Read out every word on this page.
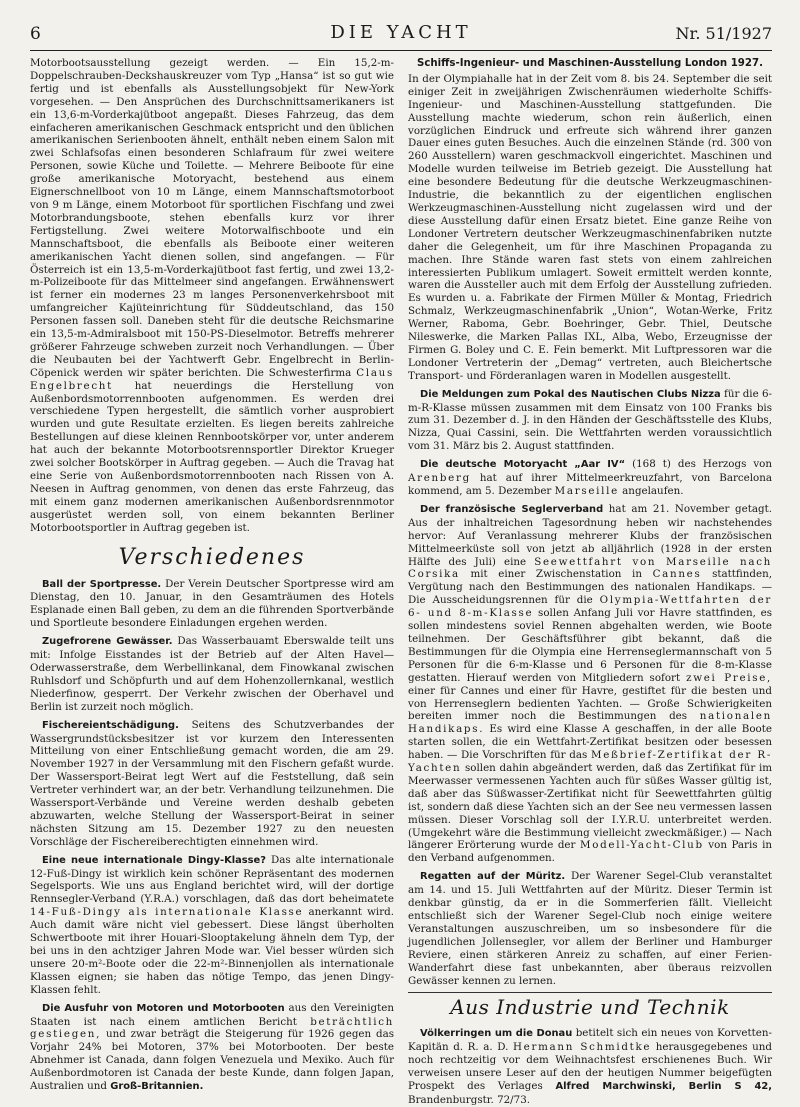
6	DIE YACHT	Nr. 51/1927

Motorbootsausstellung gezeigt werden. — Ein 15,2-m-Doppelschrauben-Deckshauskreuzer vom Typ „Hansa“ ist so gut wie fertig und ist ebenfalls als Ausstellungsobjekt für New-York vorgesehen. — Den Ansprüchen des Durchschnittsamerikaners ist ein 13,6-m-Vorderkajütboot angepaßt. Dieses Fahrzeug, das dem einfacheren amerikanischen Geschmack entspricht und den üblichen amerikanischen Serienbooten ähnelt, enthält neben einem Salon mit zwei Schlafsofas einen besonderen Schlafraum für zwei weitere Personen, sowie Küche und Toilette. — Mehrere Beiboote für eine große amerikanische Motoryacht, bestehend aus einem Eignerschnellboot von 10 m Länge, einem Mannschaftsmotorboot von 9 m Länge, einem Motorboot für sportlichen Fischfang und zwei Motorbrandungsboote, stehen ebenfalls kurz vor ihrer Fertigstellung. Zwei weitere Motorwalfischboote und ein Mannschaftsboot, die ebenfalls als Beiboote einer weiteren amerikanischen Yacht dienen sollen, sind angefangen. — Für Österreich ist ein 13,5-m-Vorderkajütboot fast fertig, und zwei 13,2-m-Polizeiboote für das Mittelmeer sind angefangen. Erwähnenswert ist ferner ein modernes 23 m langes Personenverkehrsboot mit umfangreicher Kajüteinrichtung für Süddeutschland, das 150 Personen fassen soll. Daneben steht für die deutsche Reichsmarine ein 13,5-m-Admiralsboot mit 150-PS-Dieselmotor. Betreffs mehrerer größerer Fahrzeuge schweben zurzeit noch Verhandlungen. — Über die Neubauten bei der Yachtwerft Gebr. Engelbrecht in Berlin-Cöpenick werden wir später berichten. Die Schwesterfirma Claus Engelbrecht hat neuerdings die Herstellung von Außenbordsmotorrennbooten aufgenommen. Es werden drei verschiedene Typen hergestellt, die sämtlich vorher ausprobiert wurden und gute Resultate erzielten. Es liegen bereits zahlreiche Bestellungen auf diese kleinen Rennbootskörper vor, unter anderem hat auch der bekannte Motorbootsrennsportler Direktor Krueger zwei solcher Bootskörper in Auftrag gegeben. — Auch die Travag hat eine Serie von Außenbordsmotorrennbooten nach Rissen von A. Neesen in Auftrag genommen, von denen das erste Fahrzeug, das mit einem ganz modernen amerikanischen Außenbordsrennmotor ausgerüstet werden soll, von einem bekannten Berliner Motorbootsportler in Auftrag gegeben ist.

Verschiedenes

Ball der Sportpresse. Der Verein Deutscher Sportpresse wird am Dienstag, den 10. Januar, in den Gesamträumen des Hotels Esplanade einen Ball geben, zu dem an die führenden Sportverbände und Sportleute besondere Einladungen ergehen werden.

Zugefrorene Gewässer. Das Wasserbauamt Eberswalde teilt uns mit: Infolge Eisstandes ist der Betrieb auf der Alten Havel—Oderwasserstraße, dem Werbellinkanal, dem Finowkanal zwischen Ruhlsdorf und Schöpfurth und auf dem Hohenzollernkanal, westlich Niederfinow, gesperrt. Der Verkehr zwischen der Oberhavel und Berlin ist zurzeit noch möglich.

Fischereientschädigung. Seitens des Schutzverbandes der Wassergrundstücksbesitzer ist vor kurzem den Interessenten Mitteilung von einer Entschließung gemacht worden, die am 29. November 1927 in der Versammlung mit den Fischern gefaßt wurde. Der Wassersport-Beirat legt Wert auf die Feststellung, daß sein Vertreter verhindert war, an der betr. Verhandlung teilzunehmen. Die Wassersport-Verbände und Vereine werden deshalb gebeten abzuwarten, welche Stellung der Wassersport-Beirat in seiner nächsten Sitzung am 15. Dezember 1927 zu den neuesten Vorschläge der Fischereiberechtigten einnehmen wird.

Eine neue internationale Dingy-Klasse? Das alte internationale 12-Fuß-Dingy ist wirklich kein schöner Repräsentant des modernen Segelsports. Wie uns aus England berichtet wird, will der dortige Rennsegler-Verband (Y.R.A.) vorschlagen, daß das dort beheimatete 14-Fuß-Dingy als internationale Klasse anerkannt wird. Auch damit wäre nicht viel gebessert. Diese längst überholten Schwertboote mit ihrer Houari-Slooptakelung ähneln dem Typ, der bei uns in den achtziger Jahren Mode war. Viel besser würden sich unsere 20-m²-Boote oder die 22-m²-Binnenjollen als internationale Klassen eignen; sie haben das nötige Tempo, das jenen Dingy-Klassen fehlt.

Die Ausfuhr von Motoren und Motorbooten aus den Vereinigten Staaten ist nach einem amtlichen Bericht beträchtlich gestiegen, und zwar beträgt die Steigerung für 1926 gegen das Vorjahr 24% bei Motoren, 37% bei Motorbooten. Der beste Abnehmer ist Canada, dann folgen Venezuela und Mexiko. Auch für Außenbordmotoren ist Canada der beste Kunde, dann folgen Japan, Australien und Groß-Britannien.

Schiffs-Ingenieur- und Maschinen-Ausstellung London 1927.

In der Olympiahalle hat in der Zeit vom 8. bis 24. September die seit einiger Zeit in zweijährigen Zwischenräumen wiederholte Schiffs-Ingenieur- und Maschinen-Ausstellung stattgefunden. Die Ausstellung machte wiederum, schon rein äußerlich, einen vorzüglichen Eindruck und erfreute sich während ihrer ganzen Dauer eines guten Besuches. Auch die einzelnen Stände (rd. 300 von 260 Ausstellern) waren geschmackvoll eingerichtet. Maschinen und Modelle wurden teilweise im Betrieb gezeigt. Die Ausstellung hat eine besondere Bedeutung für die deutsche Werkzeugmaschinen-Industrie, die bekanntlich zu der eigentlichen englischen Werkzeugmaschinen-Ausstellung nicht zugelassen wird und der diese Ausstellung dafür einen Ersatz bietet. Eine ganze Reihe von Londoner Vertretern deutscher Werkzeugmaschinenfabriken nutzte daher die Gelegenheit, um für ihre Maschinen Propaganda zu machen. Ihre Stände waren fast stets von einem zahlreichen interessierten Publikum umlagert. Soweit ermittelt werden konnte, waren die Aussteller auch mit dem Erfolg der Ausstellung zufrieden. Es wurden u. a. Fabrikate der Firmen Müller & Montag, Friedrich Schmalz, Werkzeugmaschinenfabrik „Union“, Wotan-Werke, Fritz Werner, Raboma, Gebr. Boehringer, Gebr. Thiel, Deutsche Nileswerke, die Marken Pallas IXL, Alba, Webo, Erzeugnisse der Firmen G. Boley und C. E. Fein bemerkt. Mit Luftpressoren war die Londoner Vertreterin der „Demag“ vertreten, auch Bleichertsche Transport- und Förderanlagen waren in Modellen ausgestellt.

Die Meldungen zum Pokal des Nautischen Clubs Nizza für die 6-m-R-Klasse müssen zusammen mit dem Einsatz von 100 Franks bis zum 31. Dezember d. J. in den Händen der Geschäftsstelle des Klubs, Nizza, Quai Cassini, sein. Die Wettfahrten werden voraussichtlich vom 31. März bis 2. August stattfinden.

Die deutsche Motoryacht „Aar IV“ (168 t) des Herzogs von Arenberg hat auf ihrer Mittelmeerkreuzfahrt, von Barcelona kommend, am 5. Dezember Marseille angelaufen.

Der französische Seglerverband hat am 21. November getagt. Aus der inhaltreichen Tagesordnung heben wir nachstehendes hervor: Auf Veranlassung mehrerer Klubs der französischen Mittelmeerküste soll von jetzt ab alljährlich (1928 in der ersten Hälfte des Juli) eine Seewettfahrt von Marseille nach Corsika mit einer Zwischenstation in Cannes stattfinden, Vergütung nach den Bestimmungen des nationalen Handikaps. — Die Ausscheidungsrennen für die Olympia-Wettfahrten der 6- und 8-m-Klasse sollen Anfang Juli vor Havre stattfinden, es sollen mindestens soviel Rennen abgehalten werden, wie Boote teilnehmen. Der Geschäftsführer gibt bekannt, daß die Bestimmungen für die Olympia eine Herrenseglermannschaft von 5 Personen für die 6-m-Klasse und 6 Personen für die 8-m-Klasse gestatten. Hierauf werden von Mitgliedern sofort zwei Preise, einer für Cannes und einer für Havre, gestiftet für die besten und von Herrenseglern bedienten Yachten. — Große Schwierigkeiten bereiten immer noch die Bestimmungen des nationalen Handikaps. Es wird eine Klasse A geschaffen, in der alle Boote starten sollen, die ein Wettfahrt-Zertifikat besitzen oder besessen haben. — Die Vorschriften für das Meßbrief-Zertifikat der R-Yachten sollen dahin abgeändert werden, daß das Zertifikat für im Meerwasser vermessenen Yachten auch für süßes Wasser gültig ist, daß aber das Süßwasser-Zertifikat nicht für Seewettfahrten gültig ist, sondern daß diese Yachten sich an der See neu vermessen lassen müssen. Dieser Vorschlag soll der I.Y.R.U. unterbreitet werden. (Umgekehrt wäre die Bestimmung vielleicht zweckmäßiger.) — Nach längerer Erörterung wurde der Modell-Yacht-Club von Paris in den Verband aufgenommen.

Regatten auf der Müritz. Der Warener Segel-Club veranstaltet am 14. und 15. Juli Wettfahrten auf der Müritz. Dieser Termin ist denkbar günstig, da er in die Sommerferien fällt. Vielleicht entschließt sich der Warener Segel-Club noch einige weitere Veranstaltungen auszuschreiben, um so insbesondere für die jugendlichen Jollensegler, vor allem der Berliner und Hamburger Reviere, einen stärkeren Anreiz zu schaffen, auf einer Ferien-Wanderfahrt diese fast unbekannten, aber überaus reizvollen Gewässer kennen zu lernen.

Aus Industrie und Technik

Völkerringen um die Donau betitelt sich ein neues von Korvetten-Kapitän d. R. a. D. Hermann Schmidtke herausgegebenes und noch rechtzeitig vor dem Weihnachtsfest erschienenes Buch. Wir verweisen unsere Leser auf den der heutigen Nummer beigefügten Prospekt des Verlages Alfred Marchwinski, Berlin S 42, Brandenburgstr. 72/73.
